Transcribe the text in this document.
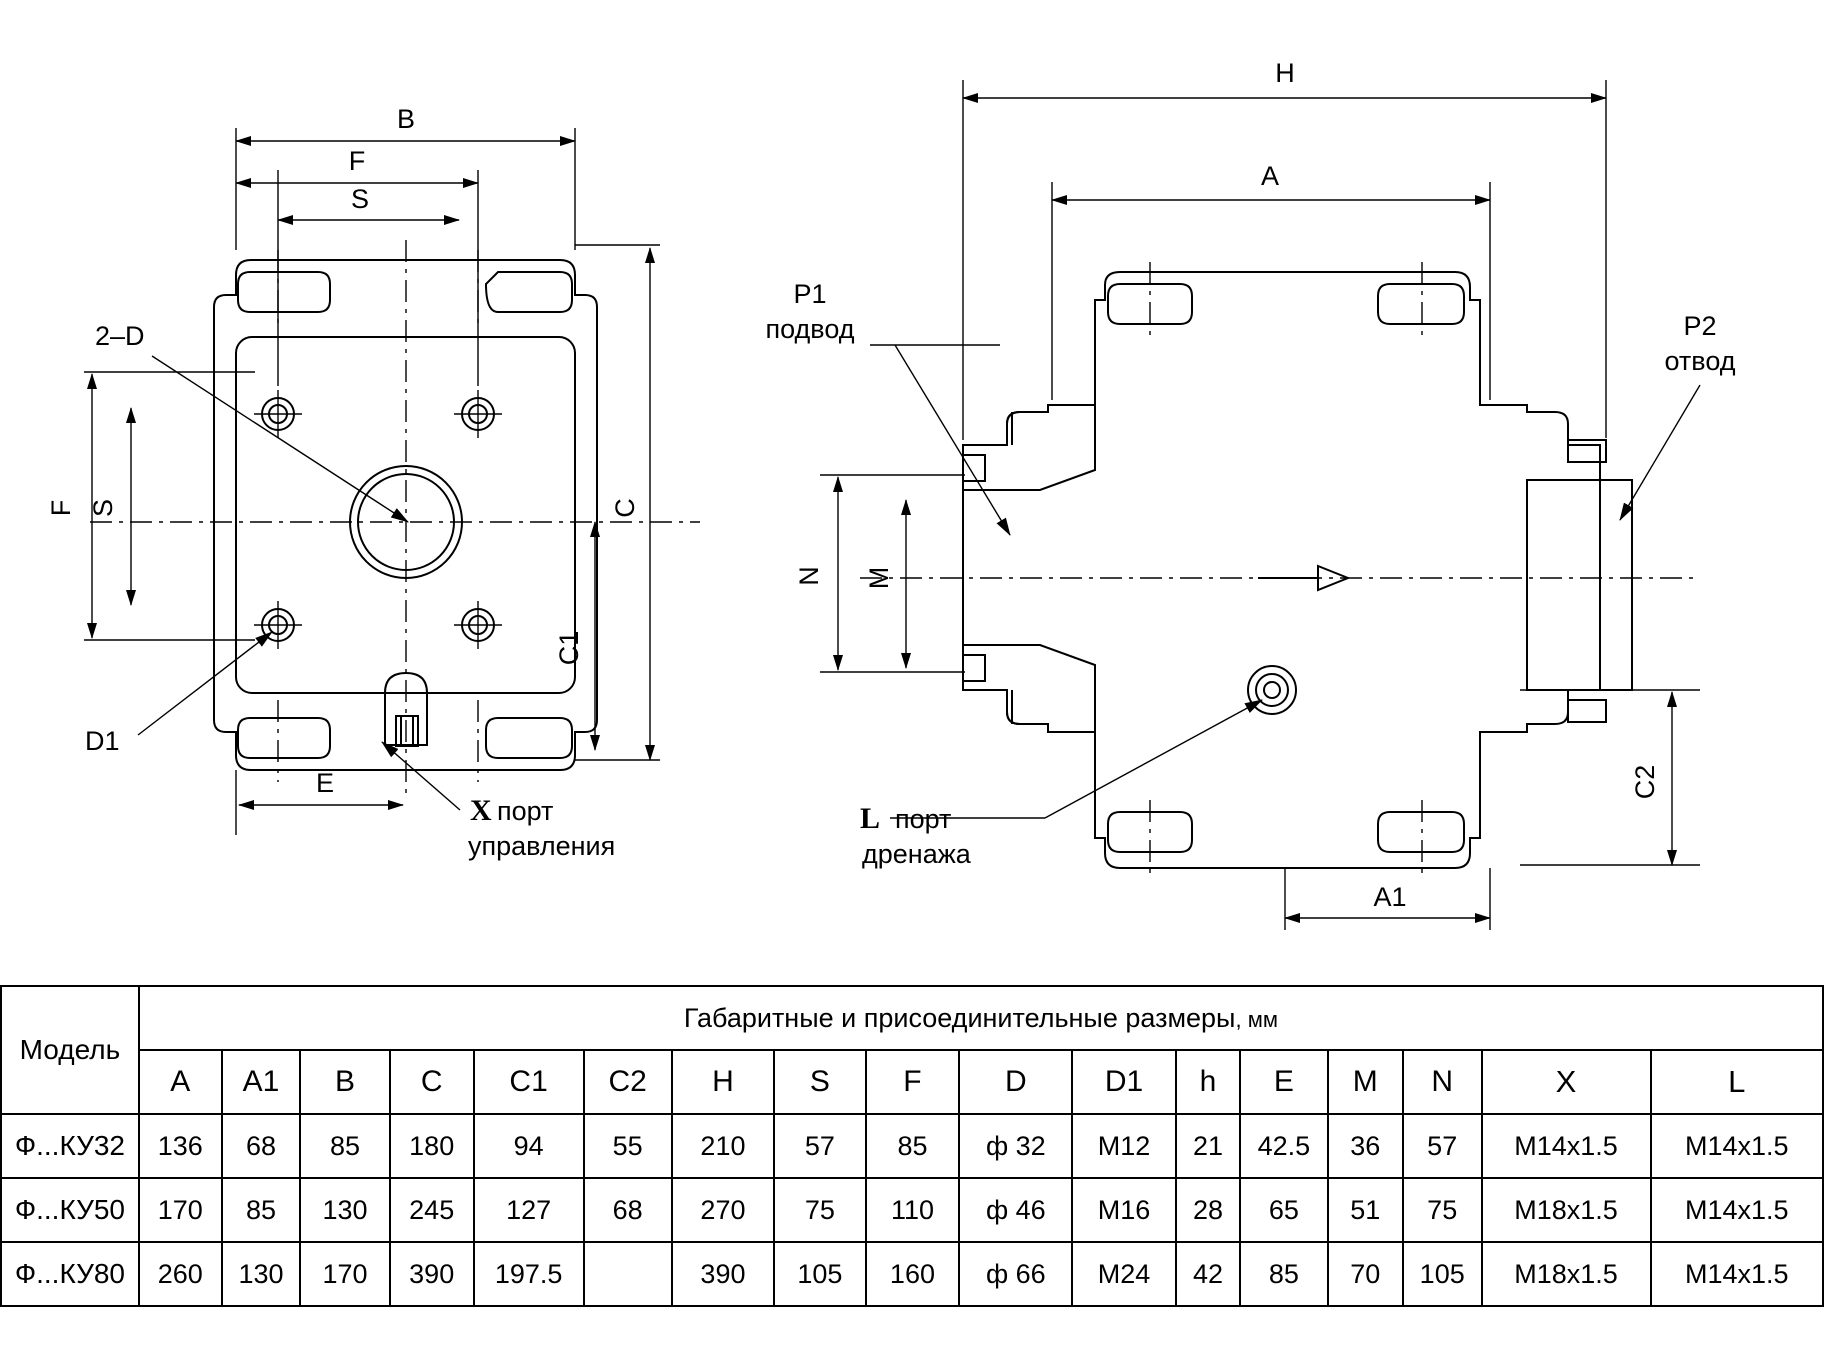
B
F
S
C
C1
F S
E
2–D
D1
X порт
управления
H
A
A1
C2
N M
P1
подвод	P2
отвод
L порт
дренажа
Модель	Габаритные и присоединительные размеры, мм																
	A	A1	B	C	C1	C2	H	S	F	D	D1	h	E	M	N	X	L
Ф...КУ32	136	68	85	180	94	55	210	57	85	ф 32	М12	21	42.5	36	57	М14х1.5	М14х1.5
Ф...КУ50	170	85	130	245	127	68	270	75	110	ф 46	М16	28	65	51	75	М18х1.5	М14х1.5
Ф...КУ80	260	130	170	390	197.5		390	105	160	ф 66	М24	42	85	70	105	М18х1.5	М14х1.5
